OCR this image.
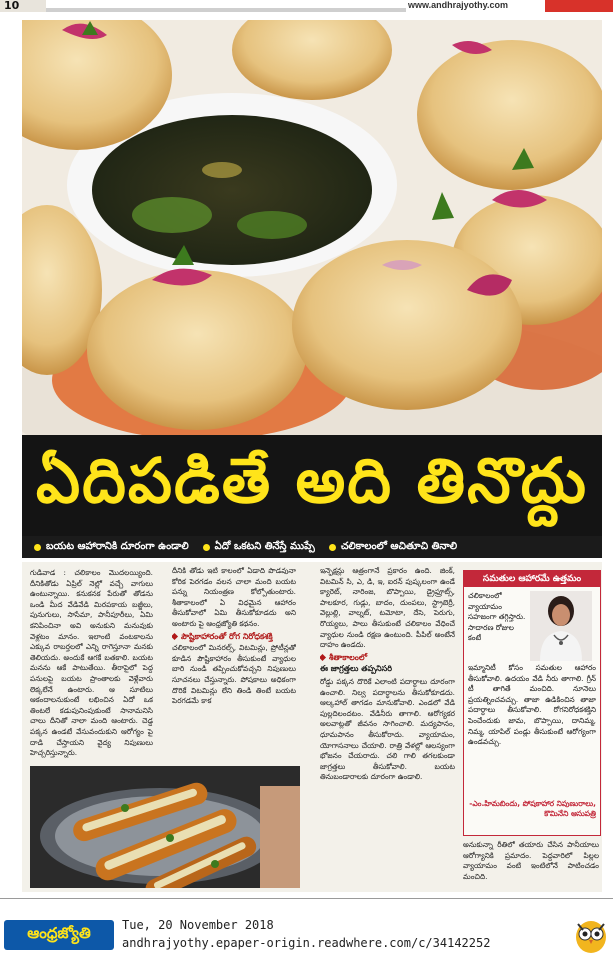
10	www.andhrajyothy.com
ఏదిపడితే అది తినొద్దు
బయట ఆహారానికి దూరంగా ఉండాలి	ఏదో ఒకటని తినేస్తే ముప్పే	చలికాలంలో ఆచితూచి తినాలి

గుడివాడ : చలికాలం మొదలయ్యింది. దీనికితోడు ఏప్రిల్ నెల్లో వచ్చే వాగులు ఉంటున్నాయి. కనుకనక పేరుతో తోడను ఒండి మీద వేడివేడి మిరపకాయ బజ్జీలు, పునుగులు, సాసేమా, పానీపూరీలు, ఏమి కనిపించినా అవి అనుకుని మనువుకు వెళ్లటం మానం. ఇలాంటి వంటకాలను ఎక్కువ రాబర్తలలో ఎన్ని రాగెస్తూనా మనకు తెలియదు. అందుకే ఆగకే బతకాలి. బయట మనను ఆకే పాటుతేయి. తీరాపైలో పెద్ద పనులపై బయట ప్రాంతాలకు వెళ్లేవారు లెక్కలేనే ఉంటారు. ఆ సూటిలు ఆకందాలనుకుంటే లభించిన ఏదో ఒక తింటలే కడుపునింపుకుంటే సానామనిసి చాలు దీనితో నాలా మంది ఆంటారు. చెడ్డ పక్కన ఉండటే వేసువందుకుని ఆరోగ్యం పై దాడి చేస్తాయని వైద్య నిపుణులు హెచ్చరిస్తున్నారు.

దీనికి తోడు ఇటి కాలంలో ఏడాది పొడవునా కోరిక పెరగడం వలన చాలా మంది బయట పన్ను నియంత్రణ కోల్పోతుంటారు. శీతాకాలంలో ఏ విధమైన ఆహారం తీసుకోవాలో ఏమి తీసుకోకూడదు అని అంటారు పై ఆంధ్రజ్యోతి కథనం.

పౌష్టికాహారంతో రోగ నిరోధకశక్తి

చలికాలంలో మినరల్స్, విటమిన్లు, ప్రోటీన్లతో కూడిన పౌష్టికాహారం తీసుకుంటే వ్యాధుల బారి నుండి తప్పించుకోవచ్చని నిపుణులు సూచనలు చేస్తున్నారు. పోషకాలు అధికంగా దొరికే విటమిన్లు లేని తిండి తింటే బయట పెరగడమే కాక

ఇన్ఫెక్షన్లు ఆత్రంగానే ప్రకారం ఉంది. జింక్, విటమిన్ సి, ఎ, డి, ఇ, ఐరన్ పుష్కలంగా ఉండే క్యారెట్, నారింజ, బొప్పాయి, డ్రైఫ్రూట్స్, పాలకూర, గుడ్లు, బాదం, దుంపలు, స్ట్రాబెర్రీ, వెల్లుల్లి, వాల్నట్, టమోటా, దేసె, పెరుగు, రొయ్యలు, పాలు తీసుకుంటే చలికాలం వేధించే వ్యాధుల నుండి రక్షణ ఉంటుంది. పీపిల్ అంటేనే దాహం ఉండదు.

శీతాకాలంలో
ఈ జాగ్రత్తలు తప్పనిసరి

రోడ్డు పక్కన దొరికే ఎలాంటి పదార్థాలు దూరంగా ఉంచాలి. నిల్వ పదార్థాలను తీసుకోకూడదు. ఆల్కహాల్ తాగడం మానుకోవాలి. ఎండలో వేడి పుల్లదిలందటం. వేడినీరు తాగాలి. ఆరోగ్యకర అలవాట్లతో జీవనం సాగించాలి. మద్యపానం, ధూమపానం తీసుకోరాదు. వ్యాయామం, యోగాసనాలు చేయాలి. రాత్రి వేళల్లో ఆలస్యంగా భోజనం చేయరాదు. చలి గాలి తగలకుండా జాగ్రత్తలు తీసుకోవాలి. బయట తినుబండారాలకు దూరంగా ఉండాలి.

సమతుల ఆహారమే ఉత్తమం
చలికాలంలో వ్యాయామం సహజంగా తగ్గిస్తారు. సాదారణ రోజుల కంటే
ఇమ్మానిటీ కోసం సమతుల ఆహారం తీసుకోవాలి. ఉదయం వేడి నీరు తాగాలి. గ్రీన్ టీ తాగితే మంచిది. నూనెలు ప్రయత్నించవచ్చు. తాజా ఉడికించిన తాజా పదార్థాలు తీసుకోవాలి. రోగనిరోధకశక్తిని పెంచేందుకు జామ, బొప్పాయి, దానిమ్మ, నిమ్మ, యాపిల్ పండ్లు తీసుకుంటే ఆరోగ్యంగా ఉండవచ్చు.
-ఎం.హిమబిందు, పోషకాహార నిపుణురాలు, కొమినేని ఆసుపత్రి

అనుకున్నా రీతిలో తయారు చేసిన పానీయాలు ఆరోగ్యానికి ప్రమాదం. పెద్దవారిలో పిల్లల వ్యాయామం వంటి ఇంటిలోనే పాటించడం మంచిది.

ఆంధ్రజ్యోతి	Tue, 20 November 2018
andhrajyothy.epaper-origin.readwhere.com/c/34142252
